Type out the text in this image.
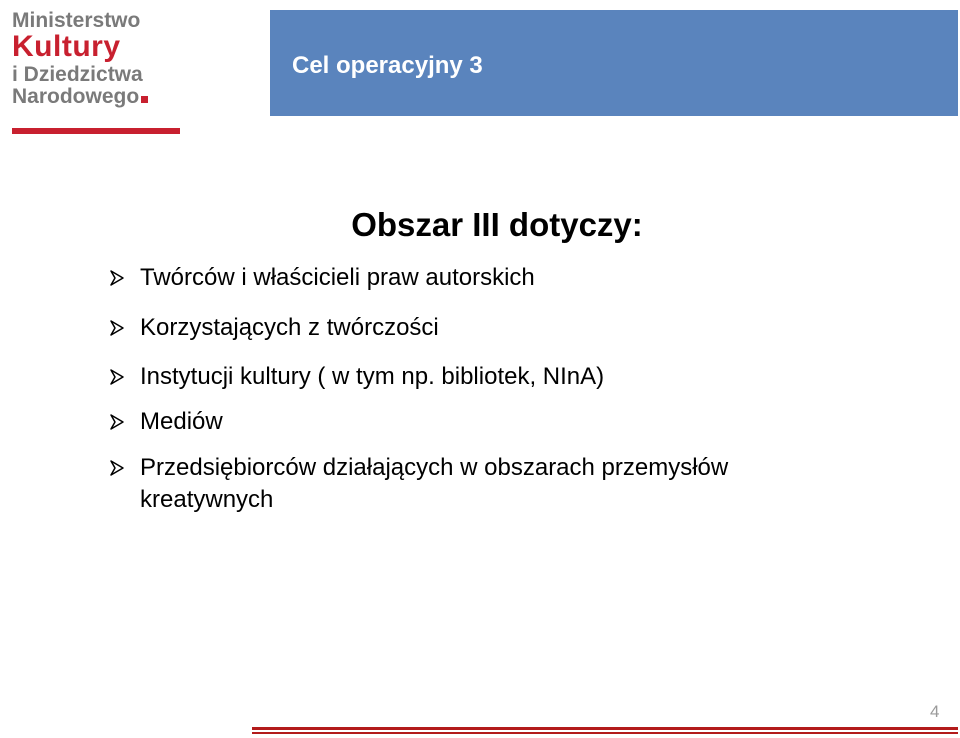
Ministerstwo
Kultury
i Dziedzictwa
Narodowego
Cel operacyjny 3
Obszar III dotyczy:
Twórców i właścicieli praw autorskich
Korzystających z twórczości
Instytucji kultury ( w tym np. bibliotek, NInA)
Mediów
Przedsiębiorców działających w obszarach przemysłów kreatywnych
4
